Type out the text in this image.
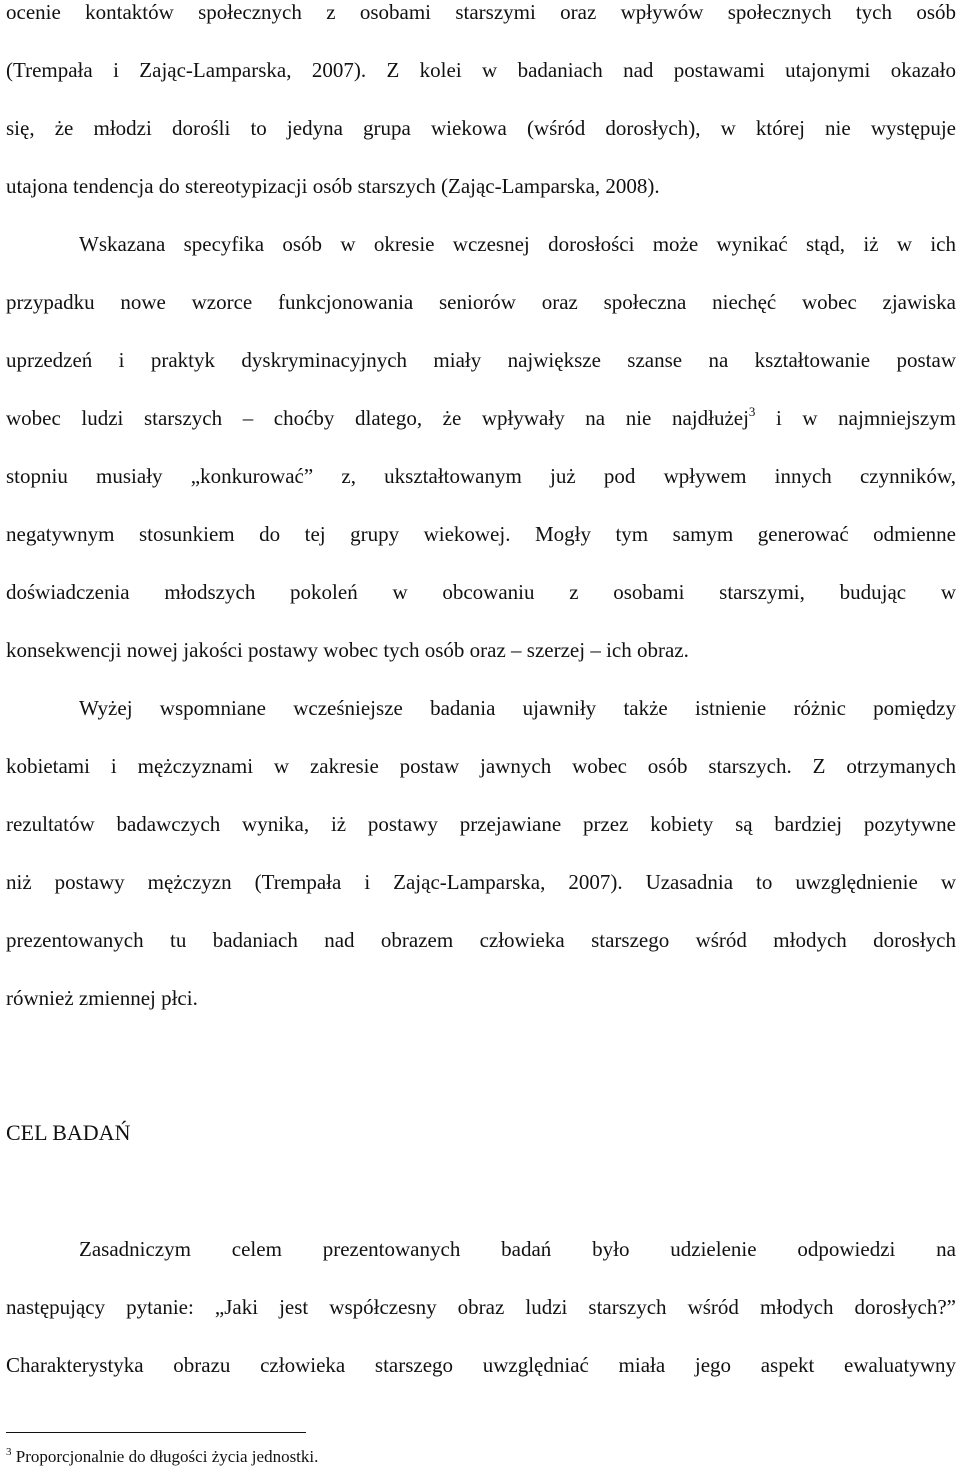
ocenie kontaktów społecznych z osobami starszymi oraz wpływów społecznych tych osób
(Trempała i Zając-Lamparska, 2007). Z kolei w badaniach nad postawami utajonymi okazało
się, że młodzi dorośli to jedyna grupa wiekowa (wśród dorosłych), w której nie występuje
utajona tendencja do stereotypizacji osób starszych (Zając-Lamparska, 2008).
Wskazana specyfika osób w okresie wczesnej dorosłości może wynikać stąd, iż w ich
przypadku nowe wzorce funkcjonowania seniorów oraz społeczna niechęć wobec zjawiska
uprzedzeń i praktyk dyskryminacyjnych miały największe szanse na kształtowanie postaw
wobec ludzi starszych – choćby dlatego, że wpływały na nie najdłużej$^3$ i w najmniejszym
stopniu musiały „konkurować” z, ukształtowanym już pod wpływem innych czynników,
negatywnym stosunkiem do tej grupy wiekowej. Mogły tym samym generować odmienne
doświadczenia młodszych pokoleń w obcowaniu z osobami starszymi, budując w
konsekwencji nowej jakości postawy wobec tych osób oraz – szerzej – ich obraz.
Wyżej wspomniane wcześniejsze badania ujawniły także istnienie różnic pomiędzy
kobietami i mężczyznami w zakresie postaw jawnych wobec osób starszych. Z otrzymanych
rezultatów badawczych wynika, iż postawy przejawiane przez kobiety są bardziej pozytywne
niż postawy mężczyzn (Trempała i Zając-Lamparska, 2007). Uzasadnia to uwzględnienie w
prezentowanych tu badaniach nad obrazem człowieka starszego wśród młodych dorosłych
również zmiennej płci.
CEL BADAŃ
Zasadniczym celem prezentowanych badań było udzielenie odpowiedzi na
następujący pytanie: „Jaki jest współczesny obraz ludzi starszych wśród młodych dorosłych?”
Charakterystyka obrazu człowieka starszego uwzględniać miała jego aspekt ewaluatywny
$^3$ Proporcjonalnie do długości życia jednostki.
